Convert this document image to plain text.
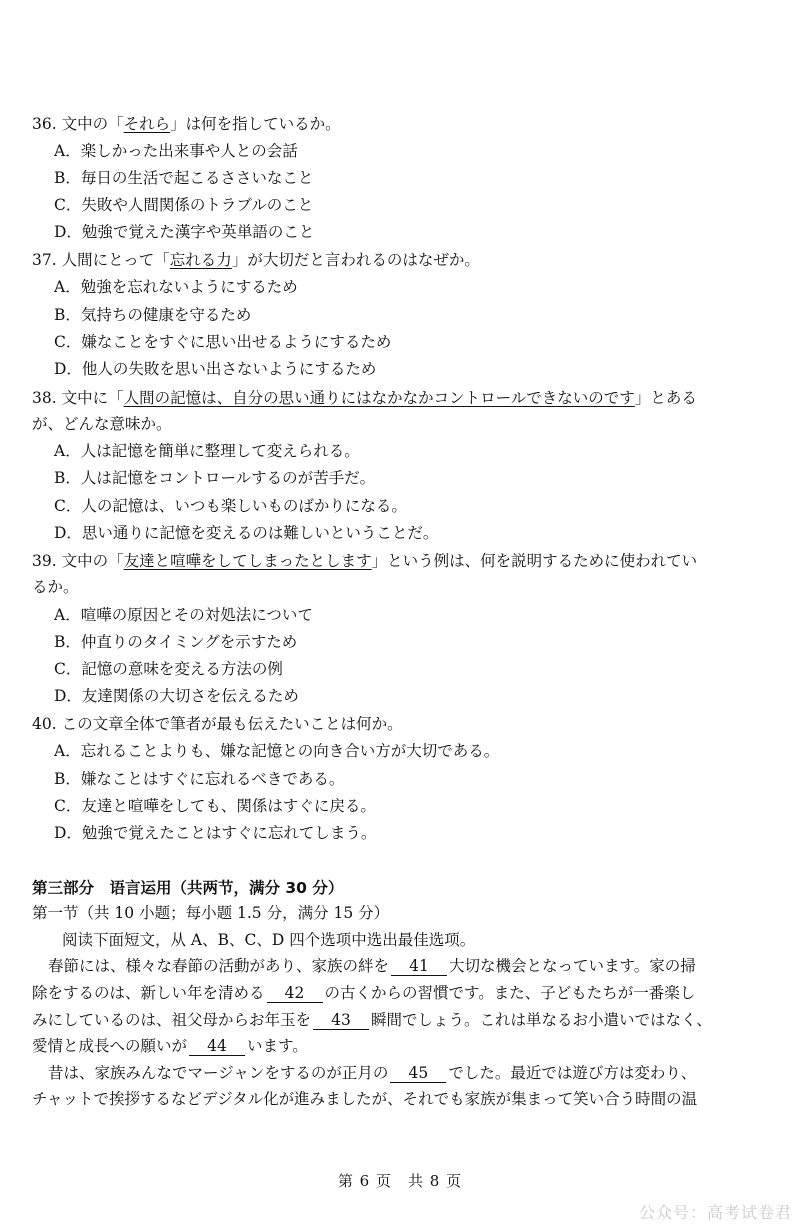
36. 文中の「それら」は何を指しているか。
A．楽しかった出来事や人との会話
B．毎日の生活で起こるささいなこと
C．失敗や人間関係のトラブルのこと
D．勉強で覚えた漢字や英単語のこと
37. 人間にとって「忘れる力」が大切だと言われるのはなぜか。
A．勉強を忘れないようにするため
B．気持ちの健康を守るため
C．嫌なことをすぐに思い出せるようにするため
D．他人の失敗を思い出さないようにするため
38. 文中に「人間の記憶は、自分の思い通りにはなかなかコントロールできないのです」とある
が、どんな意味か。
A．人は記憶を簡単に整理して変えられる。
B．人は記憶をコントロールするのが苦手だ。
C．人の記憶は、いつも楽しいものばかりになる。
D．思い通りに記憶を変えるのは難しいということだ。
39. 文中の「友達と喧嘩をしてしまったとします」という例は、何を説明するために使われてい
るか。
A．喧嘩の原因とその対処法について
B．仲直りのタイミングを示すため
C．記憶の意味を変える方法の例
D．友達関係の大切さを伝えるため
40. この文章全体で筆者が最も伝えたいことは何か。
A．忘れることよりも、嫌な記憶との向き合い方が大切である。
B．嫌なことはすぐに忘れるべきである。
C．友達と喧嘩をしても、関係はすぐに戻る。
D．勉強で覚えたことはすぐに忘れてしまう。
第三部分　语言运用（共两节，满分 30 分）
第一节（共 10 小题；每小题 1.5 分，满分 15 分）
阅读下面短文，从 A、B、C、D 四个选项中选出最佳选项。
春節には、様々な春節の活動があり、家族の絆を 41 大切な機会となっています。家の掃
除をするのは、新しい年を清める 42 の古くからの習慣です。また、子どもたちが一番楽し
みにしているのは、祖父母からお年玉を 43 瞬間でしょう。これは単なるお小遣いではなく、
愛情と成長への願いが 44 います。
昔は、家族みんなでマージャンをするのが正月の 45 でした。最近では遊び方は変わり、
チャットで挨拶するなどデジタル化が進みましたが、それでも家族が集まって笑い合う時間の温
第 6 页　共 8 页
公众号：高考试卷君
